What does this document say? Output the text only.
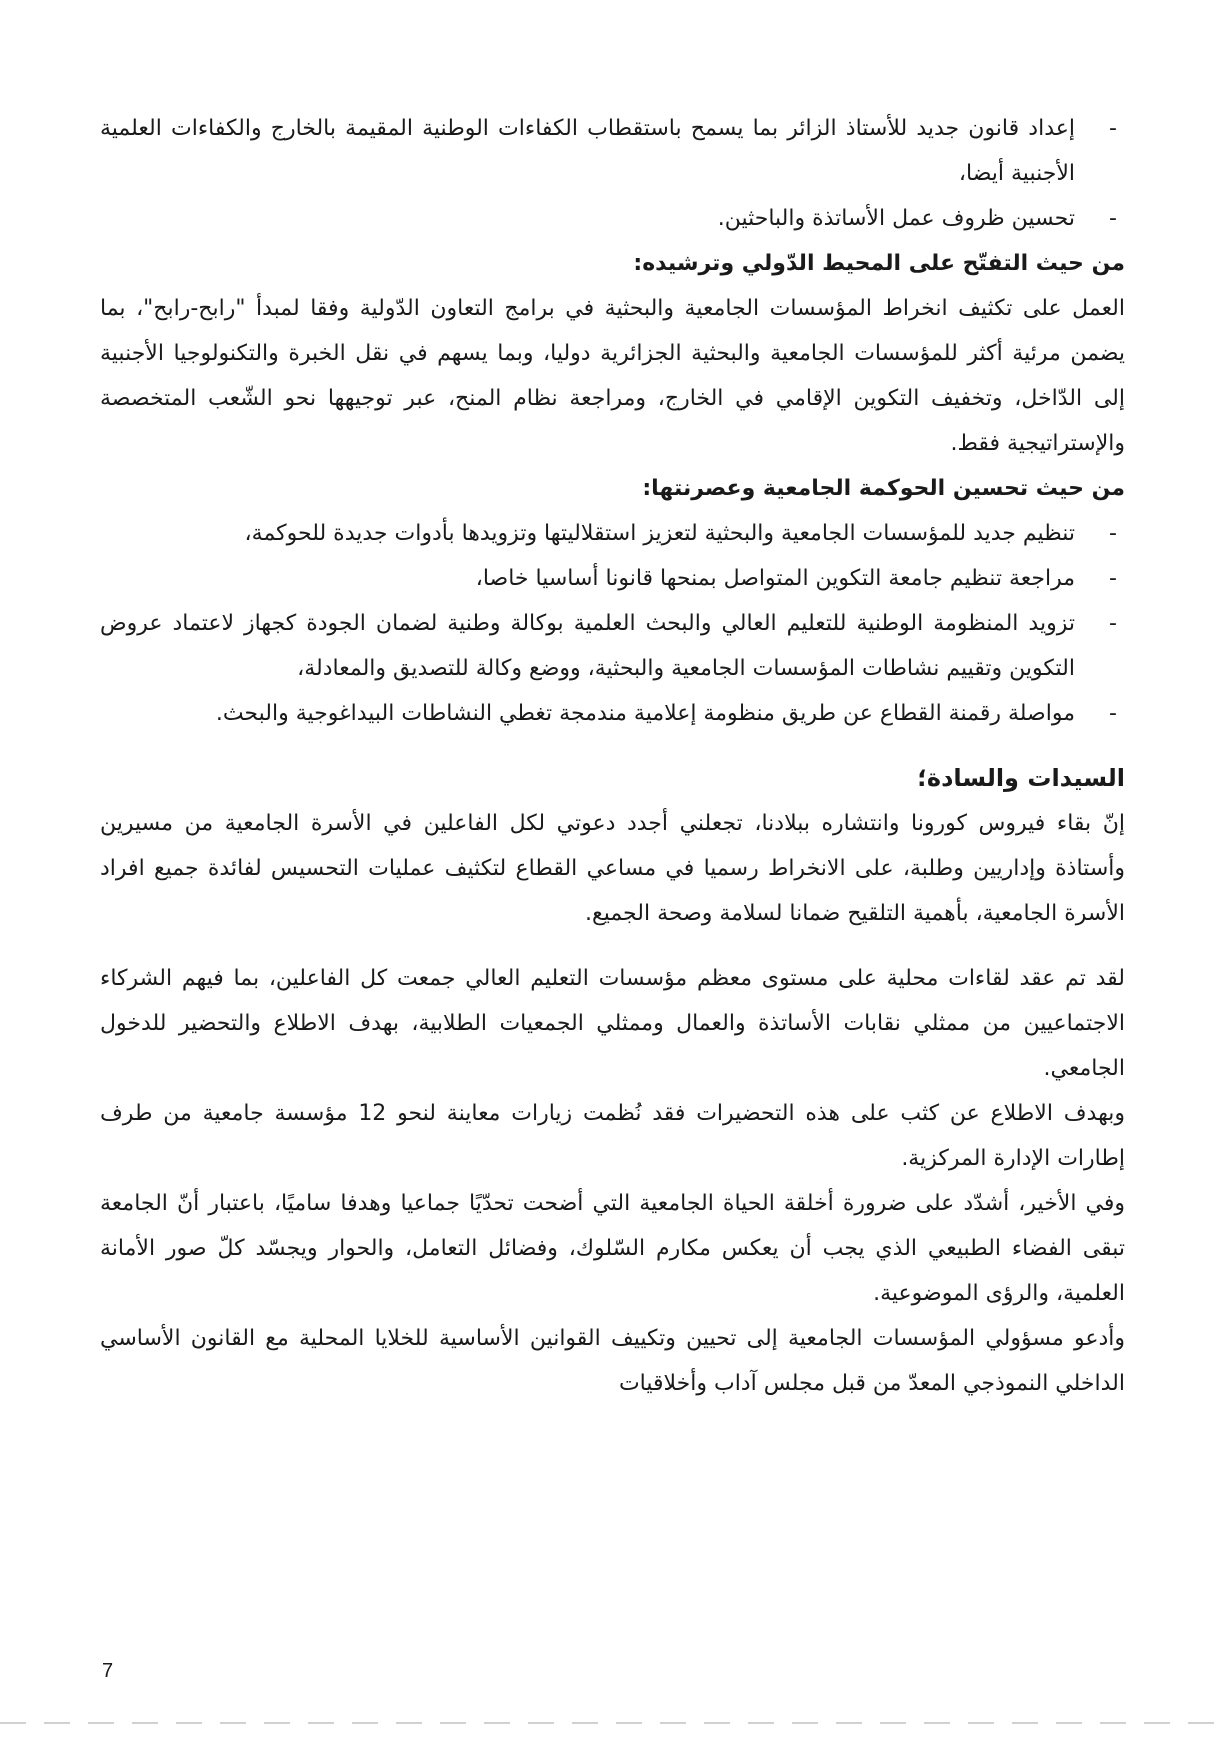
-
إعداد قانون جديد للأستاذ الزائر بما يسمح باستقطاب الكفاءات الوطنية المقيمة بالخارج والكفاءات العلمية الأجنبية أيضا،

-
تحسين ظروف عمل الأساتذة والباحثين.

من حيث التفتّح على المحيط الدّولي وترشيده:

العمل على تكثيف انخراط المؤسسات الجامعية والبحثية في برامج التعاون الدّولية وفقا لمبدأ "رابح-رابح"، بما يضمن مرئية أكثر للمؤسسات الجامعية والبحثية الجزائرية دوليا، وبما يسهم في نقل الخبرة والتكنولوجيا الأجنبية إلى الدّاخل، وتخفيف التكوين الإقامي في الخارج، ومراجعة نظام المنح، عبر توجيهها نحو الشّعب المتخصصة والإستراتيجية فقط.

من حيث تحسين الحوكمة الجامعية وعصرنتها:

-
تنظيم جديد للمؤسسات الجامعية والبحثية لتعزيز استقلاليتها وتزويدها بأدوات جديدة للحوكمة،

-
مراجعة تنظيم جامعة التكوين المتواصل بمنحها قانونا أساسيا خاصا،

-
تزويد المنظومة الوطنية للتعليم العالي والبحث العلمية بوكالة وطنية لضمان الجودة كجهاز لاعتماد عروض التكوين وتقييم نشاطات المؤسسات الجامعية والبحثية، ووضع وكالة للتصديق والمعادلة،

-
مواصلة رقمنة القطاع عن طريق منظومة إعلامية مندمجة تغطي النشاطات البيداغوجية والبحث.

السيدات والسادة؛

إنّ بقاء فيروس كورونا وانتشاره ببلادنا، تجعلني أجدد دعوتي لكل الفاعلين في الأسرة الجامعية من مسيرين وأستاذة وإداريين وطلبة، على الانخراط رسميا في مساعي القطاع لتكثيف عمليات التحسيس لفائدة جميع افراد الأسرة الجامعية، بأهمية التلقيح ضمانا لسلامة وصحة الجميع.

لقد تم عقد لقاءات محلية على مستوى معظم مؤسسات التعليم العالي جمعت كل الفاعلين، بما فيهم الشركاء الاجتماعيين من ممثلي نقابات الأساتذة والعمال وممثلي الجمعيات الطلابية، بهدف الاطلاع والتحضير للدخول الجامعي.

وبهدف الاطلاع عن كثب على هذه التحضيرات فقد نُظمت زيارات معاينة لنحو 12 مؤسسة جامعية من طرف إطارات الإدارة المركزية.

وفي الأخير، أشدّد على ضرورة أخلقة الحياة الجامعية التي أضحت تحدّيًا جماعيا وهدفا ساميًا، باعتبار أنّ الجامعة تبقى الفضاء الطبيعي الذي يجب أن يعكس مكارم السّلوك، وفضائل التعامل، والحوار ويجسّد كلّ صور الأمانة العلمية، والرؤى الموضوعية.

وأدعو مسؤولي المؤسسات الجامعية إلى تحيين وتكييف القوانين الأساسية للخلايا المحلية مع القانون الأساسي الداخلي النموذجي المعدّ من قبل مجلس آداب وأخلاقيات

7
